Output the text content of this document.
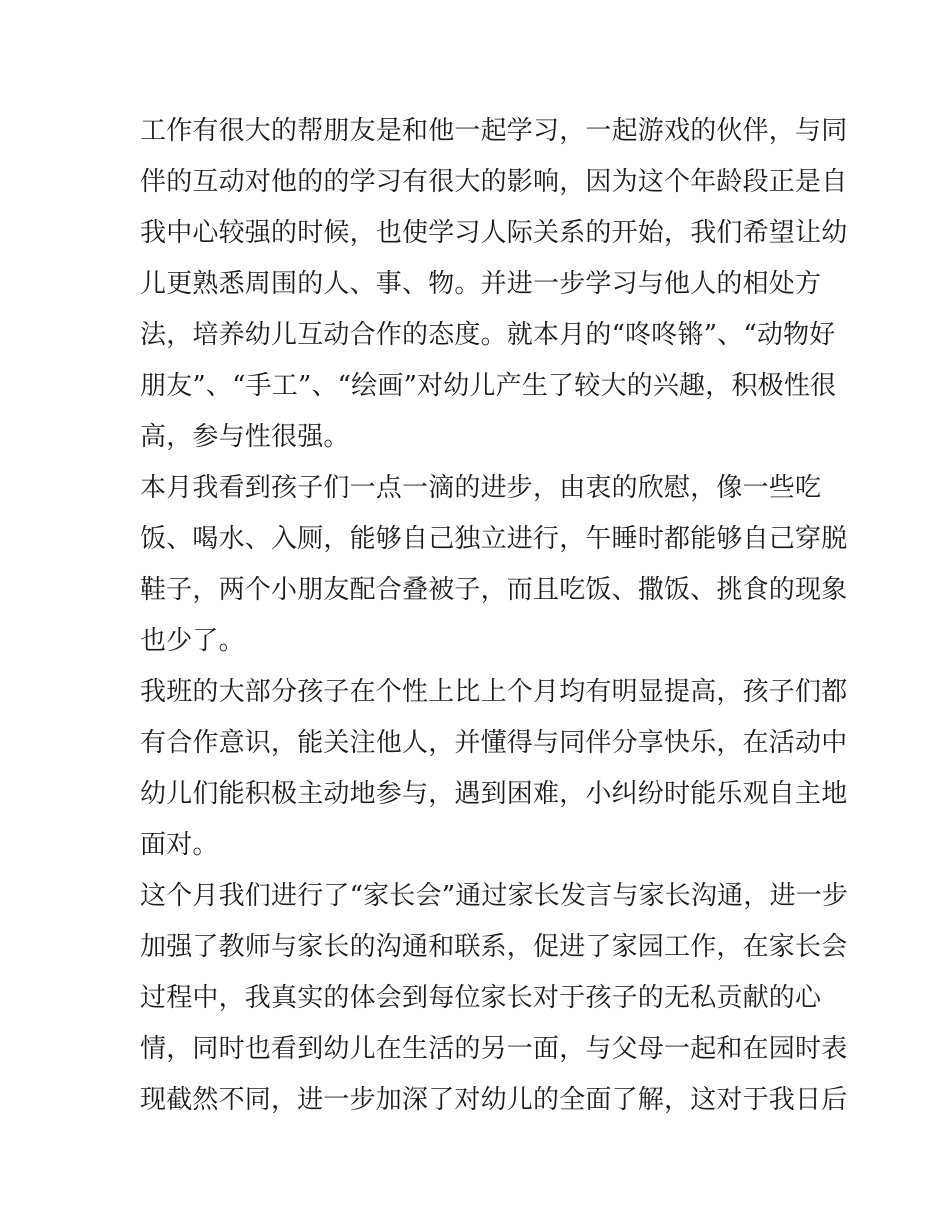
工作有很大的帮朋友是和他一起学习，一起游戏的伙伴，与同
伴的互动对他的的学习有很大的影响，因为这个年龄段正是自
我中心较强的时候，也使学习人际关系的开始，我们希望让幼
儿更熟悉周围的人、事、物。并进一步学习与他人的相处方
法，培养幼儿互动合作的态度。就本月的“咚咚锵”、“动物好
朋友”、“手工”、“绘画”对幼儿产生了较大的兴趣，积极性很
高，参与性很强。
本月我看到孩子们一点一滴的进步，由衷的欣慰，像一些吃
饭、喝水、入厕，能够自己独立进行，午睡时都能够自己穿脱
鞋子，两个小朋友配合叠被子，而且吃饭、撒饭、挑食的现象
也少了。
我班的大部分孩子在个性上比上个月均有明显提高，孩子们都
有合作意识，能关注他人，并懂得与同伴分享快乐，在活动中
幼儿们能积极主动地参与，遇到困难，小纠纷时能乐观自主地
面对。
这个月我们进行了“家长会”通过家长发言与家长沟通，进一步
加强了教师与家长的沟通和联系，促进了家园工作，在家长会
过程中，我真实的体会到每位家长对于孩子的无私贡献的心
情，同时也看到幼儿在生活的另一面，与父母一起和在园时表
现截然不同，进一步加深了对幼儿的全面了解，这对于我日后
